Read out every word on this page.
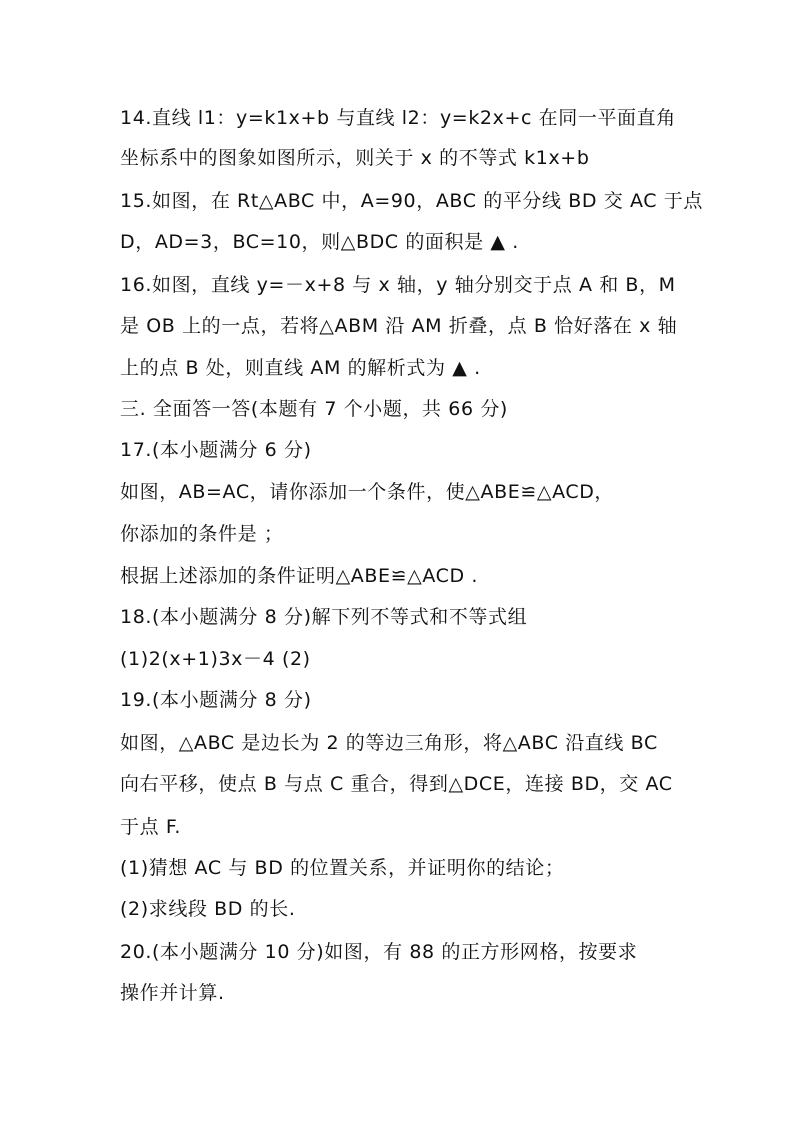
14.直线 l1：y=k1x+b 与直线 l2：y=k2x+c 在同一平面直角
坐标系中的图象如图所示，则关于 x 的不等式 k1x+b
15.如图，在 Rt△ABC 中，A=90，ABC 的平分线 BD 交 AC 于点
D，AD=3，BC=10，则△BDC 的面积是 ▲ .
16.如图，直线 y=－x+8 与 x 轴，y 轴分别交于点 A 和 B，M
是 OB 上的一点，若将△ABM 沿 AM 折叠，点 B 恰好落在 x 轴
上的点 B 处，则直线 AM 的解析式为 ▲ .
三. 全面答一答(本题有 7 个小题，共 66 分)
17.(本小题满分 6 分)
如图，AB=AC，请你添加一个条件，使△ABE≌△ACD，
你添加的条件是 ；
根据上述添加的条件证明△ABE≌△ACD .
18.(本小题满分 8 分)解下列不等式和不等式组
(1)2(x+1)3x－4 (2)
19.(本小题满分 8 分)
如图，△ABC 是边长为 2 的等边三角形，将△ABC 沿直线 BC
向右平移，使点 B 与点 C 重合，得到△DCE，连接 BD，交 AC
于点 F.
(1)猜想 AC 与 BD 的位置关系，并证明你的结论；
(2)求线段 BD 的长.
20.(本小题满分 10 分)如图，有 88 的正方形网格，按要求
操作并计算.
